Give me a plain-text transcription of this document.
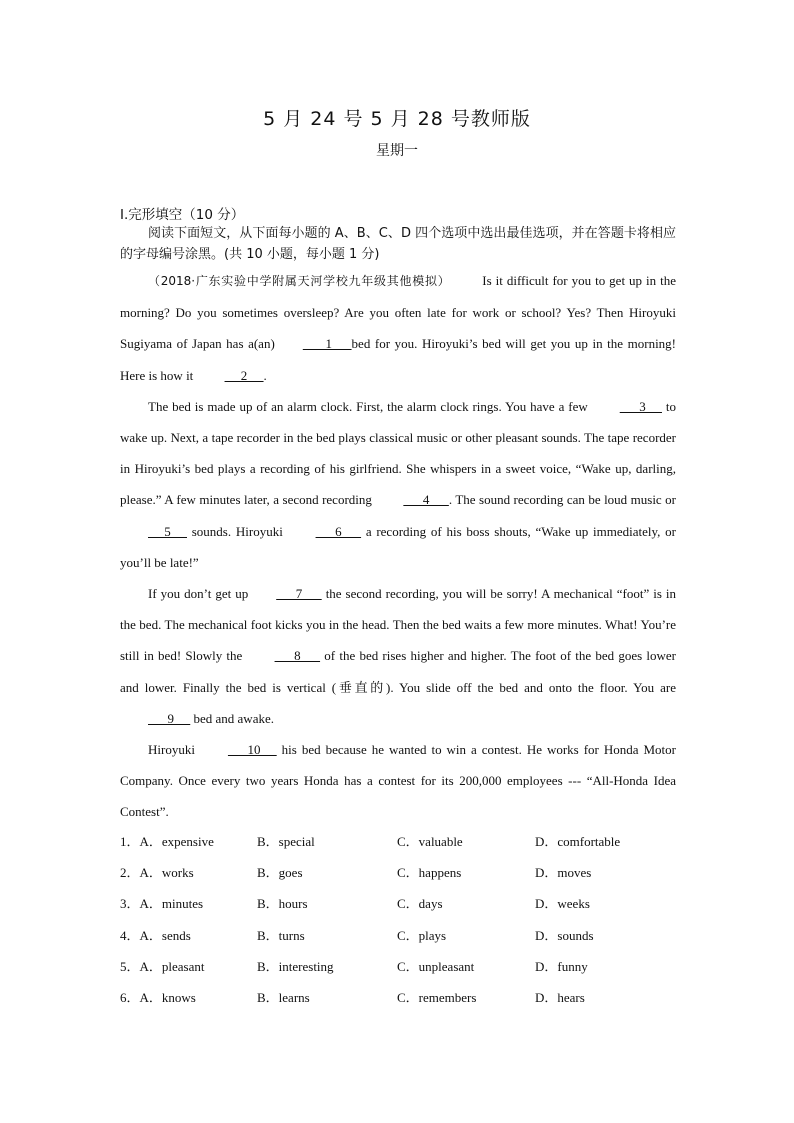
5 月 24 号 5 月 28 号教师版
星期一
I.完形填空（10 分）
阅读下面短文，从下面每小题的 A、B、C、D 四个选项中选出最佳选项，并在答题卡将相应的字母编号涂黑。(共 10 小题，每小题 1 分)

（2018·广东实验中学附属天河学校九年级其他模拟） Is it difficult for you to get up in the morning? Do you sometimes oversleep? Are you often late for work or school? Yes? Then Hiroyuki Sugiyama of Japan has a(an)       1      bed for you. Hiroyuki’s bed will get you up in the morning! Here is how it      2     .

The bed is made up of an alarm clock. First, the alarm clock rings. You have a few       3      to wake up. Next, a tape recorder in the bed plays classical music or other pleasant sounds. The tape recorder in Hiroyuki’s bed plays a recording of his girlfriend. She whispers in a sweet voice, “Wake up, darling, please.” A few minutes later, a second recording       4      . The sound recording can be loud music or     5      sounds. Hiroyuki	6       a recording of his boss shouts, “Wake up immediately, or you’ll be late!”

If you don’t get up      7       the second recording, you will be sorry! A mechanical “foot” is in the bed. The mechanical foot kicks you in the head. Then the bed waits a few more minutes. What! You’re still in bed! Slowly the       8       of the bed rises higher and higher. The foot of the bed goes lower and lower. Finally the bed is vertical (垂直的). You slide off the bed and onto the floor. You are       9      bed and awake.

Hiroyuki	10      his bed because he wanted to win a contest. He works for Honda Motor Company. Once every two years Honda has a contest for its 200,000 employees --- “All-Honda Idea Contest”.

1．A．expensive	B．special	C．valuable	D．comfortable
2．A．works	B．goes	C．happens	D．moves
3．A．minutes	B．hours	C．days	D．weeks
4．A．sends	B．turns	C．plays	D．sounds
5．A．pleasant	B．interesting	C．unpleasant	D．funny
6．A．knows	B．learns	C．remembers	D．hears
